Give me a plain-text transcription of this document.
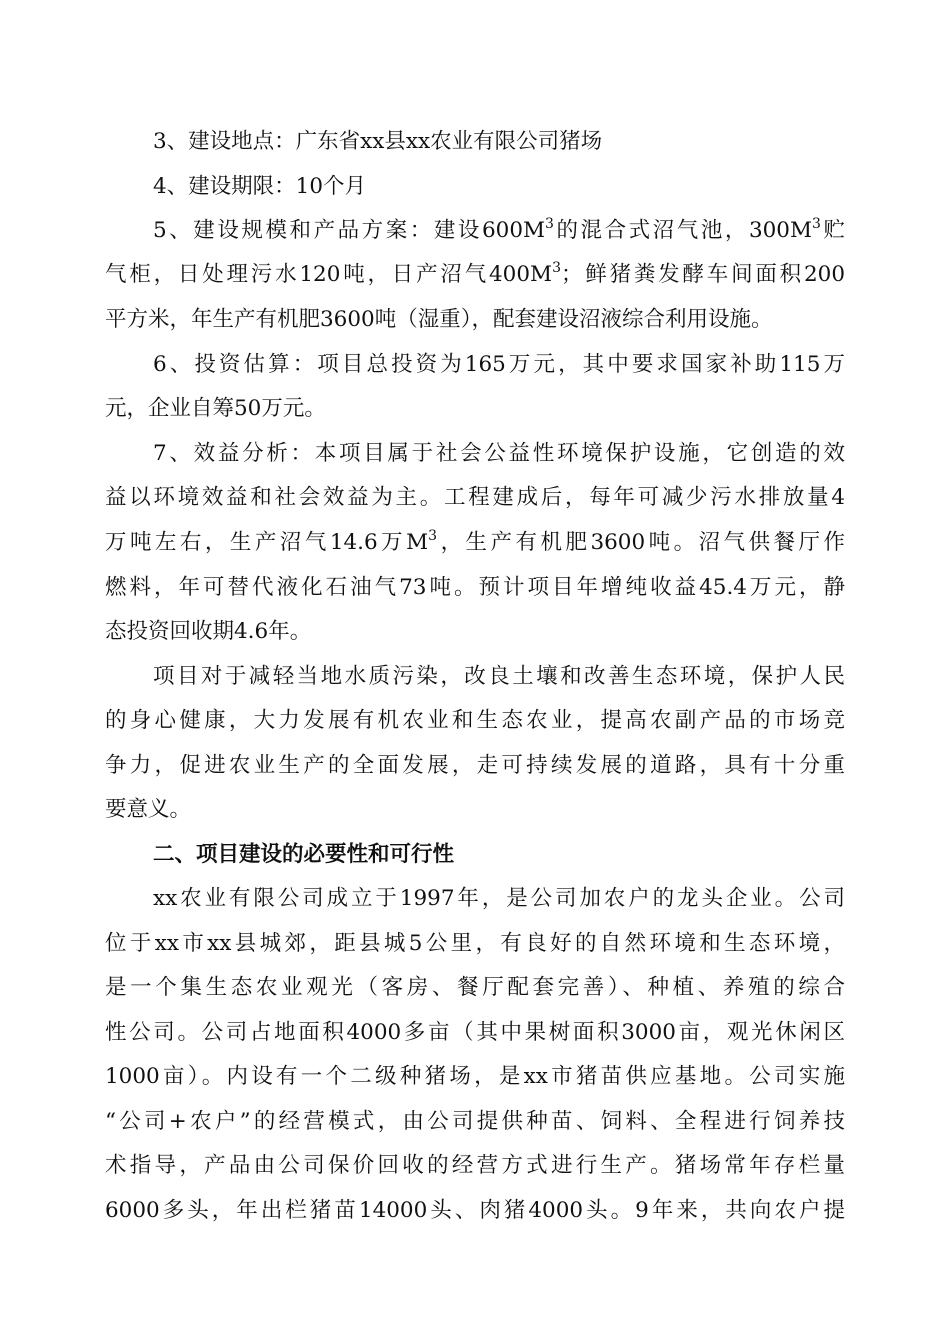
3、建设地点：广东省xx县xx农业有限公司猪场
4、建设期限：10个月
5、建设规模和产品方案：建设$600M^3$的混合式沼气池，$300M^3$贮
气柜，日处理污水120吨，日产沼气$400M^3$；鲜猪粪发酵车间面积200
平方米，年生产有机肥3600吨（湿重），配套建设沼液综合利用设施。
6、投资估算：项目总投资为165万元，其中要求国家补助115万
元，企业自筹50万元。
7、效益分析：本项目属于社会公益性环境保护设施，它创造的效
益以环境效益和社会效益为主。工程建成后，每年可减少污水排放量4
万吨左右，生产沼气14.6万$M^3$，生产有机肥3600吨。沼气供餐厅作
燃料，年可替代液化石油气73吨。预计项目年增纯收益45.4万元，静
态投资回收期4.6年。
项目对于减轻当地水质污染，改良土壤和改善生态环境，保护人民
的身心健康，大力发展有机农业和生态农业，提高农副产品的市场竞
争力，促进农业生产的全面发展，走可持续发展的道路，具有十分重
要意义。
二、项目建设的必要性和可行性
xx农业有限公司成立于1997年，是公司加农户的龙头企业。公司
位于xx市xx县城郊，距县城5公里，有良好的自然环境和生态环境，
是一个集生态农业观光（客房、餐厅配套完善）、种植、养殖的综合
性公司。公司占地面积4000多亩（其中果树面积3000亩，观光休闲区
1000亩）。内设有一个二级种猪场，是xx市猪苗供应基地。公司实施
“公司+农户”的经营模式，由公司提供种苗、饲料、全程进行饲养技
术指导，产品由公司保价回收的经营方式进行生产。猪场常年存栏量
6000多头，年出栏猪苗14000头、肉猪4000头。9年来，共向农户提
